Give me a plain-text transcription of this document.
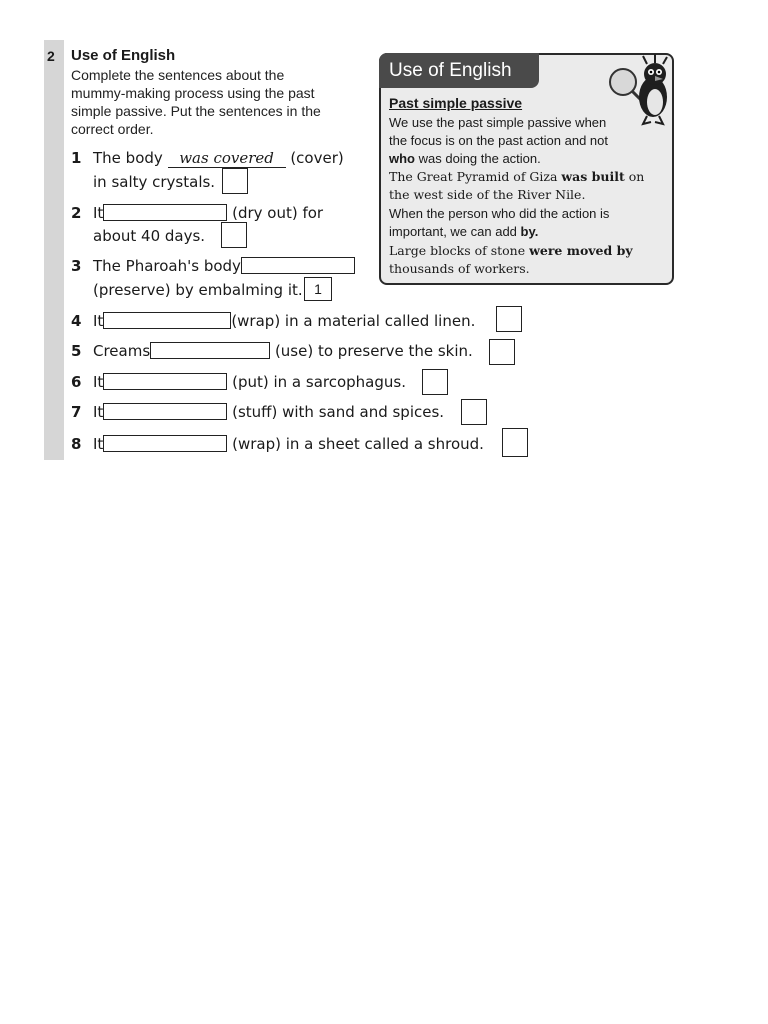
2 Use of English
Complete the sentences about the
mummy-making process using the past
simple passive. Put the sentences in the
correct order.
1 The body was covered (cover)
in salty crystals.
2 It	(dry out) for
about 40 days.
3 The Pharoah's body
(preserve) by embalming it. 1
4 It	(wrap) in a material called linen.
5 Creams	(use) to preserve the skin.
6 It	(put) in a sarcophagus.
7 It	(stuff) with sand and spices.
8 It	(wrap) in a sheet called a shroud.
Use of English
Past simple passive
We use the past simple passive when
the focus is on the past action and not
who was doing the action.
The Great Pyramid of Giza was built on
the west side of the River Nile.
When the person who did the action is
important, we can add by.
Large blocks of stone were moved by
thousands of workers.
